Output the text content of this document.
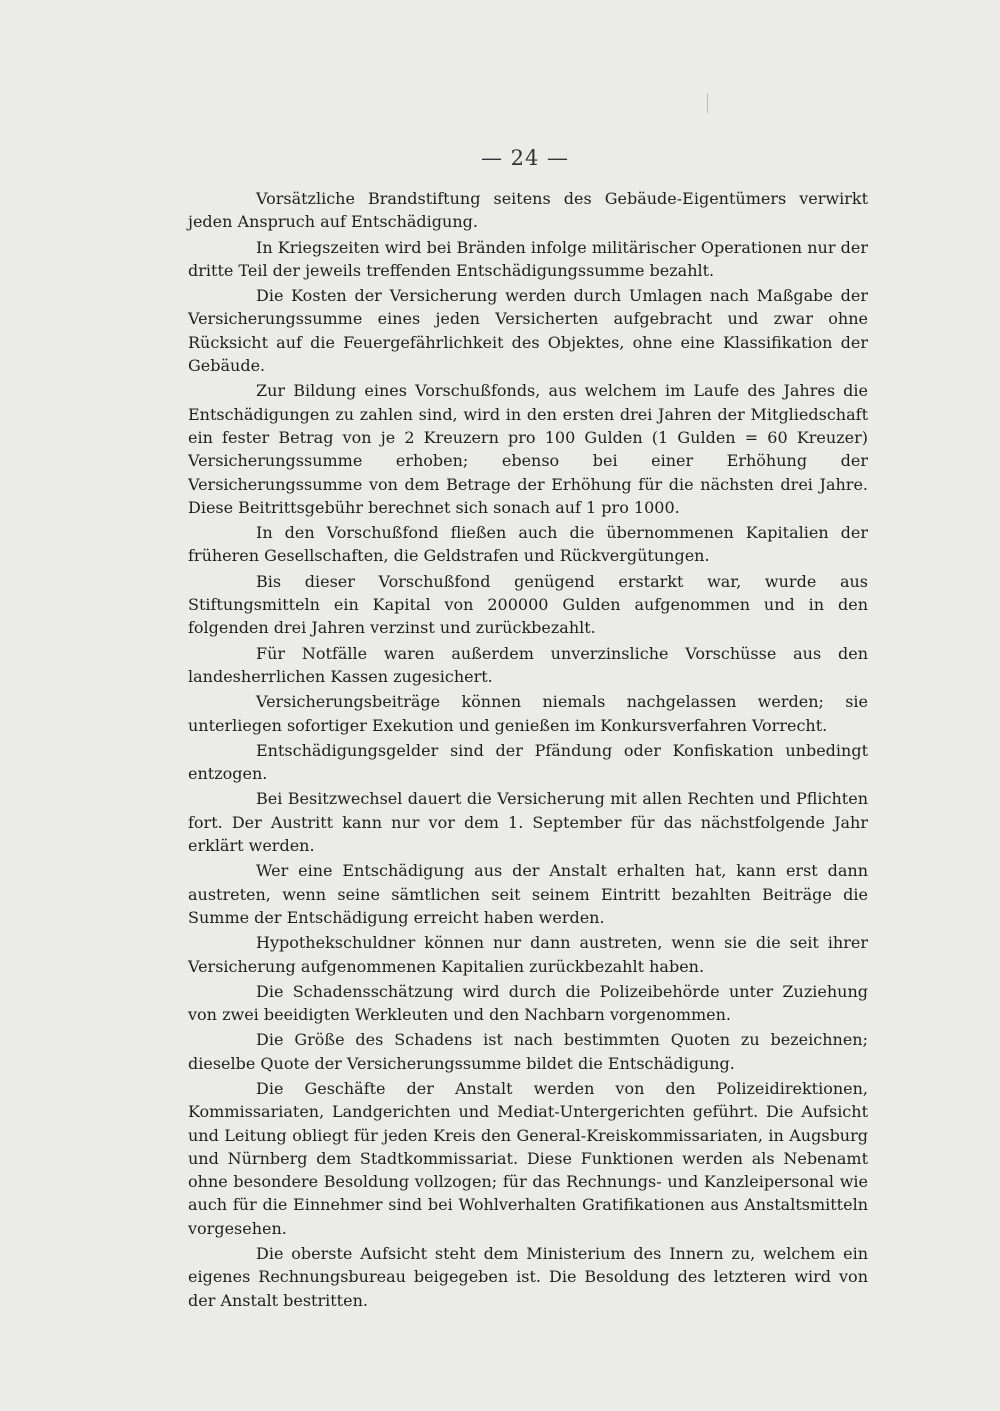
— 24 —

Vorsätzliche Brandstiftung seitens des Gebäude-Eigentümers verwirkt jeden Anspruch auf Entschädigung.

In Kriegszeiten wird bei Bränden infolge militärischer Operationen nur der dritte Teil der jeweils treffenden Entschädigungssumme bezahlt.

Die Kosten der Versicherung werden durch Umlagen nach Maßgabe der Versicherungssumme eines jeden Versicherten aufgebracht und zwar ohne Rücksicht auf die Feuergefährlichkeit des Objektes, ohne eine Klassifikation der Gebäude.

Zur Bildung eines Vorschußfonds, aus welchem im Laufe des Jahres die Entschädigungen zu zahlen sind, wird in den ersten drei Jahren der Mitgliedschaft ein fester Betrag von je 2 Kreuzern pro 100 Gulden (1 Gulden = 60 Kreuzer) Versicherungssumme erhoben; ebenso bei einer Erhöhung der Versicherungssumme von dem Betrage der Erhöhung für die nächsten drei Jahre. Diese Beitrittsgebühr berechnet sich sonach auf 1 pro 1000.

In den Vorschußfond fließen auch die übernommenen Kapitalien der früheren Gesellschaften, die Geldstrafen und Rückvergütungen.

Bis dieser Vorschußfond genügend erstarkt war, wurde aus Stiftungsmitteln ein Kapital von 200000 Gulden aufgenommen und in den folgenden drei Jahren verzinst und zurückbezahlt.

Für Notfälle waren außerdem unverzinsliche Vorschüsse aus den landesherrlichen Kassen zugesichert.

Versicherungsbeiträge können niemals nachgelassen werden; sie unterliegen sofortiger Exekution und genießen im Konkursverfahren Vorrecht.

Entschädigungsgelder sind der Pfändung oder Konfiskation unbedingt entzogen.

Bei Besitzwechsel dauert die Versicherung mit allen Rechten und Pflichten fort. Der Austritt kann nur vor dem 1. September für das nächstfolgende Jahr erklärt werden.

Wer eine Entschädigung aus der Anstalt erhalten hat, kann erst dann austreten, wenn seine sämtlichen seit seinem Eintritt bezahlten Beiträge die Summe der Entschädigung erreicht haben werden.

Hypothekschuldner können nur dann austreten, wenn sie die seit ihrer Versicherung aufgenommenen Kapitalien zurückbezahlt haben.

Die Schadensschätzung wird durch die Polizeibehörde unter Zuziehung von zwei beeidigten Werkleuten und den Nachbarn vorgenommen.

Die Größe des Schadens ist nach bestimmten Quoten zu bezeichnen; dieselbe Quote der Versicherungssumme bildet die Entschädigung.

Die Geschäfte der Anstalt werden von den Polizeidirektionen, Kommissariaten, Landgerichten und Mediat-Untergerichten geführt. Die Aufsicht und Leitung obliegt für jeden Kreis den General-Kreiskommissariaten, in Augsburg und Nürnberg dem Stadtkommissariat. Diese Funktionen werden als Nebenamt ohne besondere Besoldung vollzogen; für das Rechnungs- und Kanzleipersonal wie auch für die Einnehmer sind bei Wohlverhalten Gratifikationen aus Anstaltsmitteln vorgesehen.

Die oberste Aufsicht steht dem Ministerium des Innern zu, welchem ein eigenes Rechnungsbureau beigegeben ist. Die Besoldung des letzteren wird von der Anstalt bestritten.
